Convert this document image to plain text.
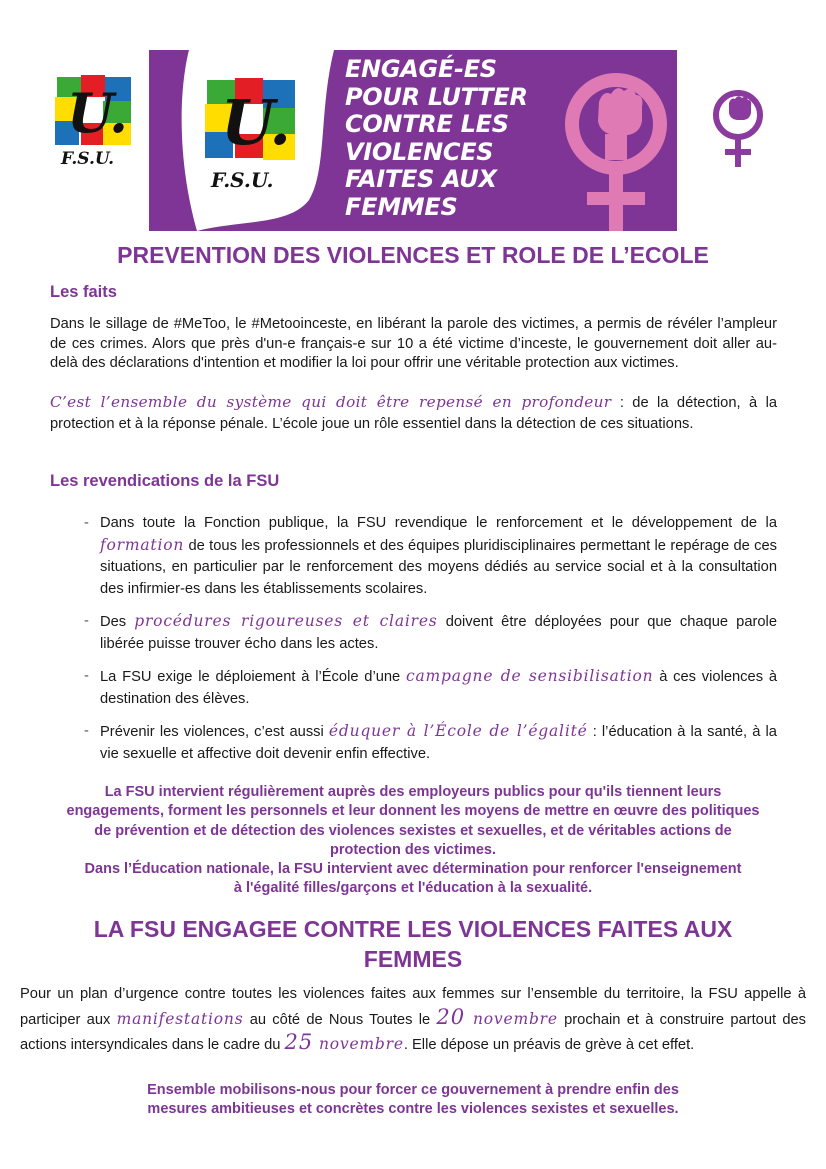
U.
F.S.U. U.
F.S.U.
ENGAGÉ-ES
POUR LUTTER
CONTRE LES
VIOLENCES
FAITES AUX
FEMMES
PREVENTION DES VIOLENCES ET ROLE DE L’ECOLE
Les faits
Dans le sillage de #MeToo, le #Metooinceste, en libérant la parole des victimes, a permis de révéler l’ampleur de ces crimes. Alors que près d'un-e français-e sur 10 a été victime d’inceste, le gouvernement doit aller au-delà des déclarations d'intention et modifier la loi pour offrir une véritable protection aux victimes.
C’est l’ensemble du système qui doit être repensé en profondeur : de la détection, à la protection et à la réponse pénale. L’école joue un rôle essentiel dans la détection de ces situations.
Les revendications de la FSU
- Dans toute la Fonction publique, la FSU revendique le renforcement et le développement de la formation de tous les professionnels et des équipes pluridisciplinaires permettant le repérage de ces situations, en particulier par le renforcement des moyens dédiés au service social et à la consultation des infirmier-es dans les établissements scolaires.
- Des procédures rigoureuses et claires doivent être déployées pour que chaque parole libérée puisse trouver écho dans les actes.
- La FSU exige le déploiement à l’École d’une campagne de sensibilisation à ces violences à destination des élèves.
- Prévenir les violences, c’est aussi éduquer à l’École de l’égalité : l’éducation à la santé, à la vie sexuelle et affective doit devenir enfin effective.
La FSU intervient régulièrement auprès des employeurs publics pour qu'ils tiennent leurs engagements, forment les personnels et leur donnent les moyens de mettre en œuvre des politiques de prévention et de détection des violences sexistes et sexuelles, et de véritables actions de protection des victimes.
Dans l’Éducation nationale, la FSU intervient avec détermination pour renforcer l'enseignement à l'égalité filles/garçons et l'éducation à la sexualité.
LA FSU ENGAGEE CONTRE LES VIOLENCES FAITES AUX FEMMES
Pour un plan d’urgence contre toutes les violences faites aux femmes sur l’ensemble du territoire, la FSU appelle à participer aux manifestations au côté de Nous Toutes le 20 novembre prochain et à construire partout des actions intersyndicales dans le cadre du 25 novembre. Elle dépose un préavis de grève à cet effet.
Ensemble mobilisons-nous pour forcer ce gouvernement à prendre enfin des mesures ambitieuses et concrètes contre les violences sexistes et sexuelles.
